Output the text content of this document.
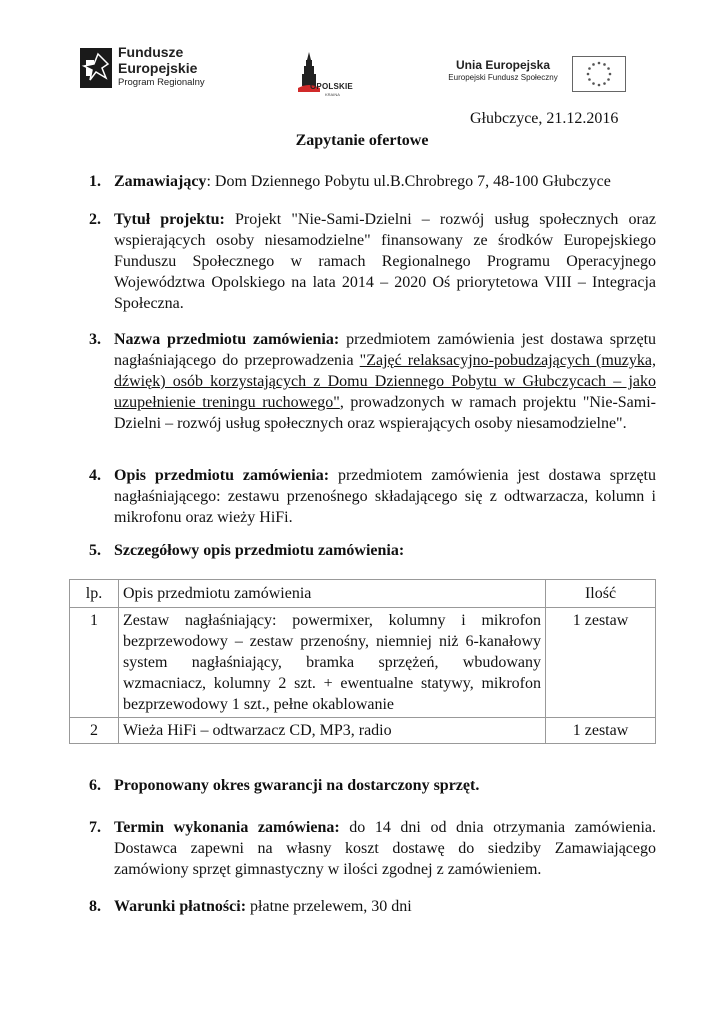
Fundusze
Europejskie
Program Regionalny	OPOLSKIE
KRAINA
Unia Europejska
Europejski Fundusz Społeczny
Głubczyce, 21.12.2016
Zapytanie ofertowe
1. Zamawiający: Dom Dziennego Pobytu ul.B.Chrobrego 7, 48-100 Głubczyce
2. Tytuł projektu: Projekt "Nie-Sami-Dzielni – rozwój usług społecznych oraz wspierających osoby niesamodzielne" finansowany ze środków Europejskiego Funduszu Społecznego w ramach Regionalnego Programu Operacyjnego Województwa Opolskiego na lata 2014 – 2020 Oś priorytetowa VIII – Integracja Społeczna.
3. Nazwa przedmiotu zamówienia: przedmiotem zamówienia jest dostawa sprzętu nagłaśniającego do przeprowadzenia "Zajęć relaksacyjno-pobudzających (muzyka, dźwięk) osób korzystających z Domu Dziennego Pobytu w Głubczycach – jako uzupełnienie treningu ruchowego", prowadzonych w ramach projektu "Nie-Sami-Dzielni – rozwój usług społecznych oraz wspierających osoby niesamodzielne".
4. Opis przedmiotu zamówienia: przedmiotem zamówienia jest dostawa sprzętu nagłaśniającego: zestawu przenośnego składającego się z odtwarzacza, kolumn i mikrofonu oraz wieży HiFi.
5. Szczegółowy opis przedmiotu zamówienia:
lp.	Opis przedmiotu zamówienia	Ilość
1	Zestaw nagłaśniający: powermixer, kolumny i mikrofon bezprzewodowy – zestaw przenośny, niemniej niż 6-kanałowy system nagłaśniający, bramka sprzężeń, wbudowany wzmacniacz, kolumny 2 szt. + ewentualne statywy, mikrofon bezprzewodowy 1 szt., pełne okablowanie	1 zestaw
2	Wieża HiFi – odtwarzacz CD, MP3, radio	1 zestaw
6. Proponowany okres gwarancji na dostarczony sprzęt.
7. Termin wykonania zamówiena: do 14 dni od dnia otrzymania zamówienia. Dostawca zapewni na własny koszt dostawę do siedziby Zamawiającego zamówiony sprzęt gimnastyczny w ilości zgodnej z zamówieniem.
8. Warunki płatności: płatne przelewem, 30 dni
